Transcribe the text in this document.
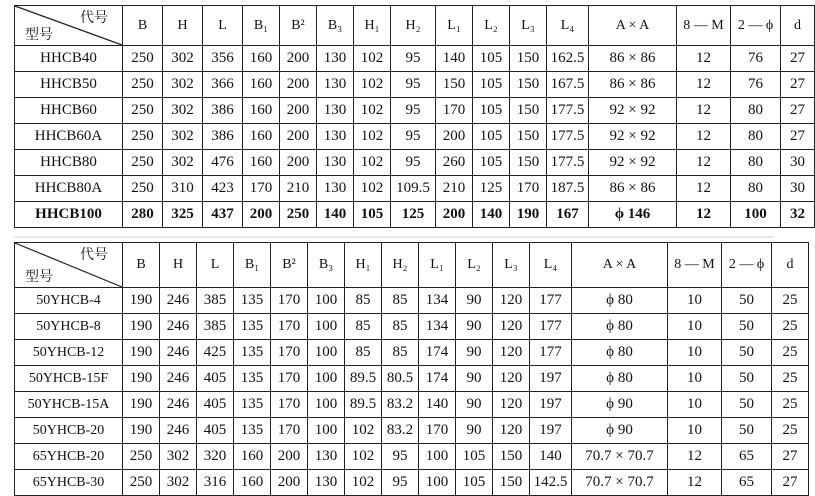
代号
型号	B	H	L	B₁	B²	B₃	H₁	H₂	L₁	L₂	L₃	L₄	A × A	8 — M	2 — ϕ	d
HHCB40	250	302	356	160	200	130	102	95	140	105	150	162.5	86 × 86	12	76	27
HHCB50	250	302	366	160	200	130	102	95	150	105	150	167.5	86 × 86	12	76	27
HHCB60	250	302	386	160	200	130	102	95	170	105	150	177.5	92 × 92	12	80	27
HHCB60A	250	302	386	160	200	130	102	95	200	105	150	177.5	92 × 92	12	80	27
HHCB80	250	302	476	160	200	130	102	95	260	105	150	177.5	92 × 92	12	80	30
HHCB80A	250	310	423	170	210	130	102	109.5	210	125	170	187.5	86 × 86	12	80	30
HHCB100	280	325	437	200	250	140	105	125	200	140	190	167	ϕ 146	12	100	32
代号
型号	B	H	L	B₁	B²	B₃	H₁	H₂	L₁	L₂	L₃	L₄	A × A	8 — M	2 — ϕ	d
50YHCB-4	190	246	385	135	170	100	85	85	134	90	120	177	ϕ 80	10	50	25
50YHCB-8	190	246	385	135	170	100	85	85	134	90	120	177	ϕ 80	10	50	25
50YHCB-12	190	246	425	135	170	100	85	85	174	90	120	177	ϕ 80	10	50	25
50YHCB-15F	190	246	405	135	170	100	89.5	80.5	174	90	120	197	ϕ 80	10	50	25
50YHCB-15A	190	246	405	135	170	100	89.5	83.2	140	90	120	197	ϕ 90	10	50	25
50YHCB-20	190	246	405	135	170	100	102	83.2	170	90	120	197	ϕ 90	10	50	25
65YHCB-20	250	302	320	160	200	130	102	95	100	105	150	140	70.7 × 70.7	12	65	27
65YHCB-30	250	302	316	160	200	130	102	95	100	105	150	142.5	70.7 × 70.7	12	65	27
